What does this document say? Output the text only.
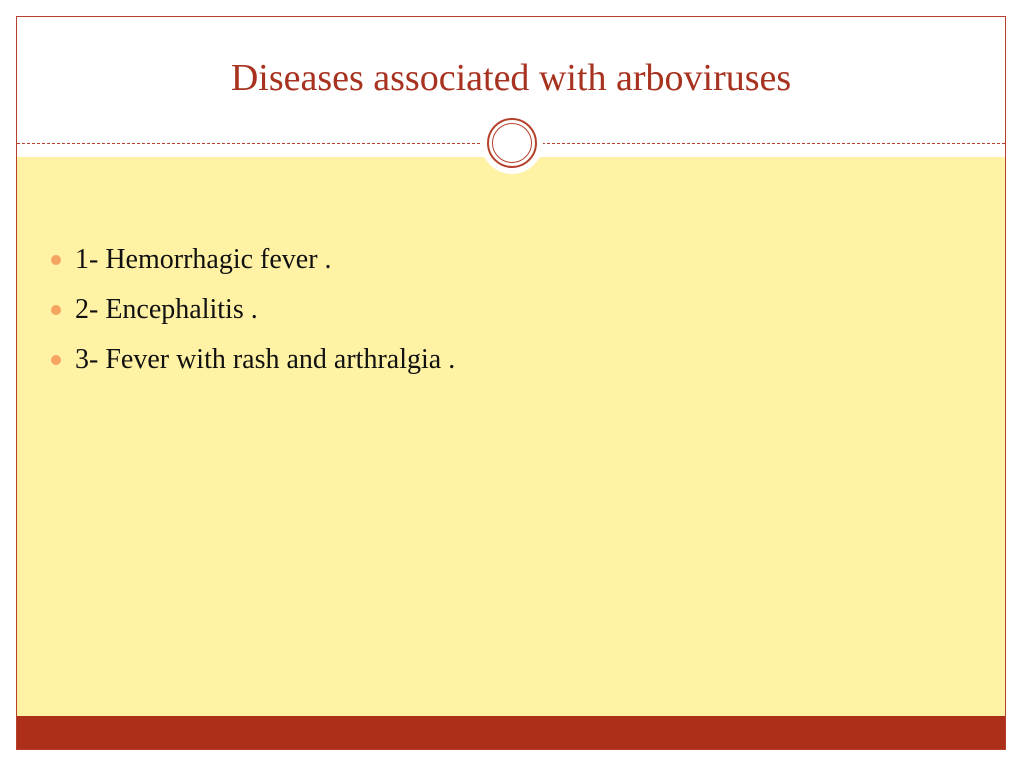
Diseases associated with arboviruses
1- Hemorrhagic fever .
2- Encephalitis .
3- Fever with rash and arthralgia .
